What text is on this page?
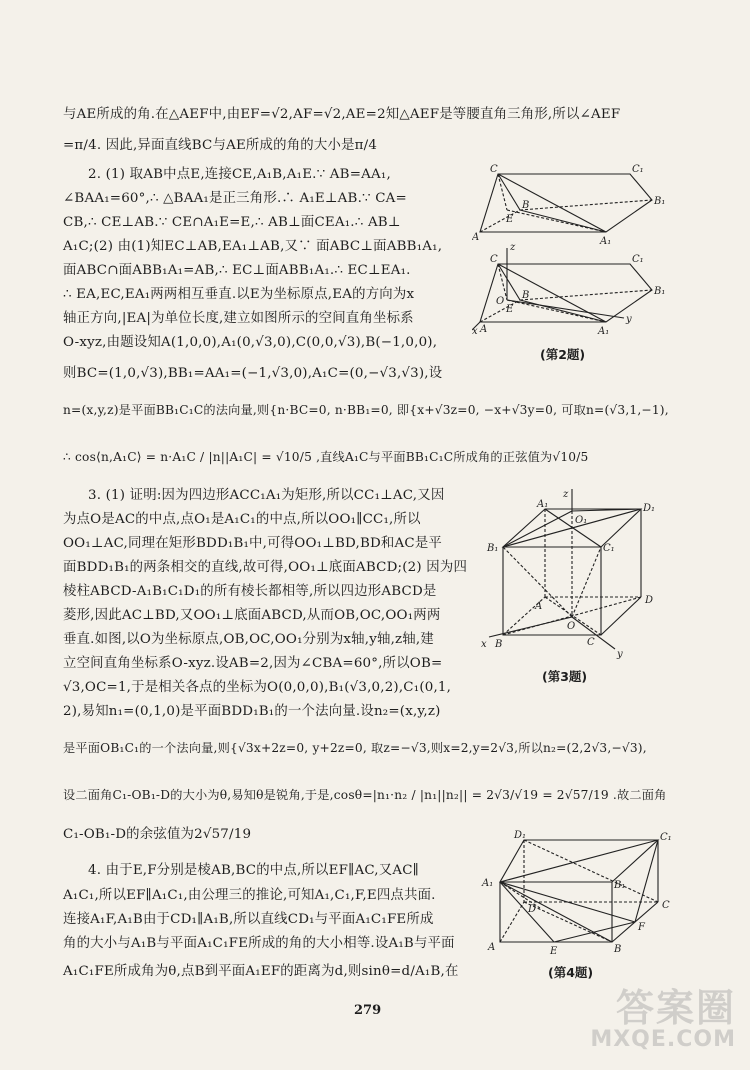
与AE所成的角.在△AEF中,由EF=√2,AF=√2,AE=2知△AEF是等腰直角三角形,所以∠AEF
=π/4. 因此,异面直线BC与AE所成的角的大小是π/4
2. (1) 取AB中点E,连接CE,A₁B,A₁E.∵ AB=AA₁,
∠BAA₁=60°,∴ △BAA₁是正三角形.∴ A₁E⊥AB.∵ CA=
CB,∴ CE⊥AB.∵ CE∩A₁E=E,∴ AB⊥面CEA₁.∴ AB⊥
A₁C;(2) 由(1)知EC⊥AB,EA₁⊥AB,又∵ 面ABC⊥面ABB₁A₁,
面ABC∩面ABB₁A₁=AB,∴ EC⊥面ABB₁A₁.∴ EC⊥EA₁.
∴ EA,EC,EA₁两两相互垂直.以E为坐标原点,EA的方向为x
轴正方向,|EA|为单位长度,建立如图所示的空间直角坐标系
O-xyz,由题设知A(1,0,0),A₁(0,√3,0),C(0,0,√3),B(−1,0,0),
则BC=(1,0,√3),BB₁=AA₁=(−1,√3,0),A₁C=(0,−√3,√3),设
n=(x,y,z)是平面BB₁C₁C的法向量,则{n·BC=0, n·BB₁=0, 即{x+√3z=0, −x+√3y=0, 可取n=(√3,1,−1),
∴ cos⟨n,A₁C⟩ = n·A₁C / |n||A₁C| = √10/5 ,直线A₁C与平面BB₁C₁C所成角的正弦值为√10/5
3. (1) 证明:因为四边形ACC₁A₁为矩形,所以CC₁⊥AC,又因
为点O是AC的中点,点O₁是A₁C₁的中点,所以OO₁∥CC₁,所以
OO₁⊥AC,同理在矩形BDD₁B₁中,可得OO₁⊥BD,BD和AC是平
面BDD₁B₁的两条相交的直线,故可得,OO₁⊥底面ABCD;(2) 因为四
棱柱ABCD-A₁B₁C₁D₁的所有棱长都相等,所以四边形ABCD是
菱形,因此AC⊥BD,又OO₁⊥底面ABCD,从而OB,OC,OO₁两两
垂直.如图,以O为坐标原点,OB,OC,OO₁分别为x轴,y轴,z轴,建
立空间直角坐标系O-xyz.设AB=2,因为∠CBA=60°,所以OB=
√3,OC=1,于是相关各点的坐标为O(0,0,0),B₁(√3,0,2),C₁(0,1,
2),易知n₁=(0,1,0)是平面BDD₁B₁的一个法向量.设n₂=(x,y,z)
是平面OB₁C₁的一个法向量,则{√3x+2z=0, y+2z=0, 取z=−√3,则x=2,y=2√3,所以n₂=(2,2√3,−√3),
设二面角C₁-OB₁-D的大小为θ,易知θ是锐角,于是,cosθ=|n₁·n₂ / |n₁||n₂|| = 2√3/√19 = 2√57/19 .故二面角
C₁-OB₁-D的余弦值为2√57/19
4. 由于E,F分别是棱AB,BC的中点,所以EF∥AC,又AC∥
A₁C₁,所以EF∥A₁C₁,由公理三的推论,可知A₁,C₁,F,E四点共面.
连接A₁F,A₁B由于CD₁∥A₁B,所以直线CD₁与平面A₁C₁FE所成
角的大小与A₁B与平面A₁C₁FE所成的角的大小相等.设A₁B与平面
A₁C₁FE所成角为θ,点B到平面A₁EF的距离为d,则sinθ=d/A₁B,在
C	C₁
B
E
B₁
A	A₁
z
C	C₁
B
E
O
B₁
A
x	A₁
y
(第2题)
z
A₁
O₁
D₁
B₁	C₁
A
D
O
x B	C
y
(第3题)
D₁	C₁
A₁	B₁
D	C
A	E	B
F
(第4题)
279	答案圈
MXQE.COM
